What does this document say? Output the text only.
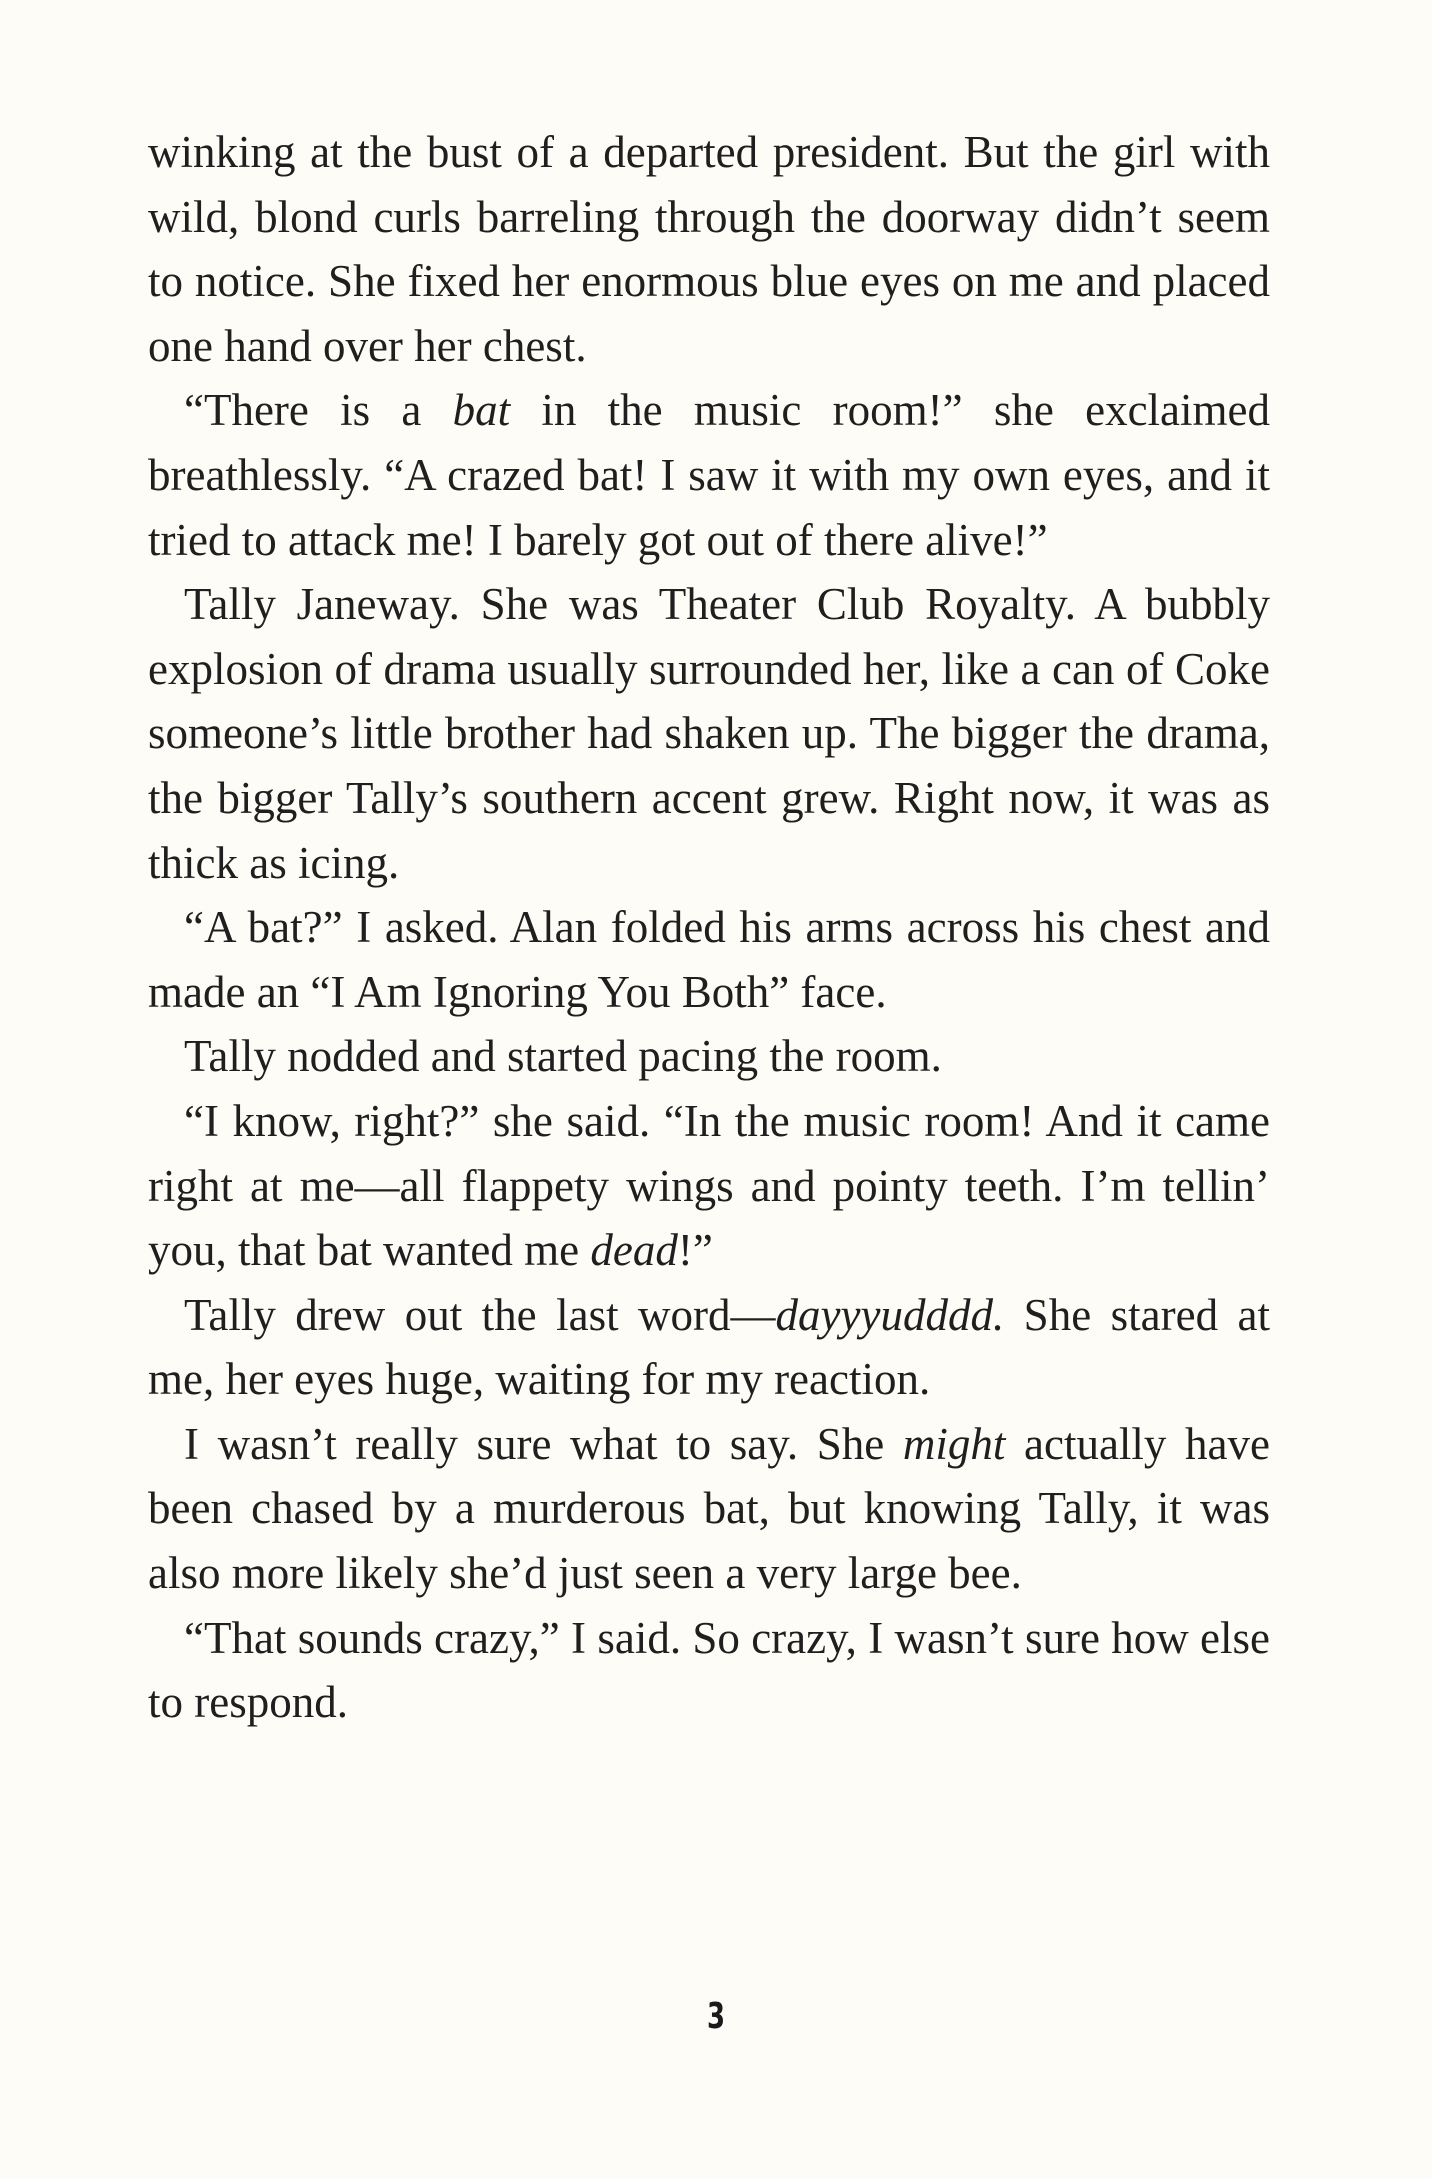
winking at the bust of a departed president. But the girl with wild, blond curls barreling through the doorway didn’t seem to notice. She fixed her enormous blue eyes on me and placed one hand over her chest.

“There is a bat in the music room!” she exclaimed breathlessly. “A crazed bat! I saw it with my own eyes, and it tried to attack me! I barely got out of there alive!”

Tally Janeway. She was Theater Club Royalty. A bubbly explosion of drama usually surrounded her, like a can of Coke someone’s little brother had shaken up. The bigger the drama, the bigger Tally’s southern accent grew. Right now, it was as thick as icing.

“A bat?” I asked. Alan folded his arms across his chest and made an “I Am Ignoring You Both” face.

Tally nodded and started pacing the room.

“I know, right?” she said. “In the music room! And it came right at me—all flappety wings and pointy teeth. I’m tellin’ you, that bat wanted me dead!”

Tally drew out the last word—dayyyudddd. She stared at me, her eyes huge, waiting for my reaction.

I wasn’t really sure what to say. She might actually have been chased by a murderous bat, but knowing Tally, it was also more likely she’d just seen a very large bee.

“That sounds crazy,” I said. So crazy, I wasn’t sure how else to respond.

3
